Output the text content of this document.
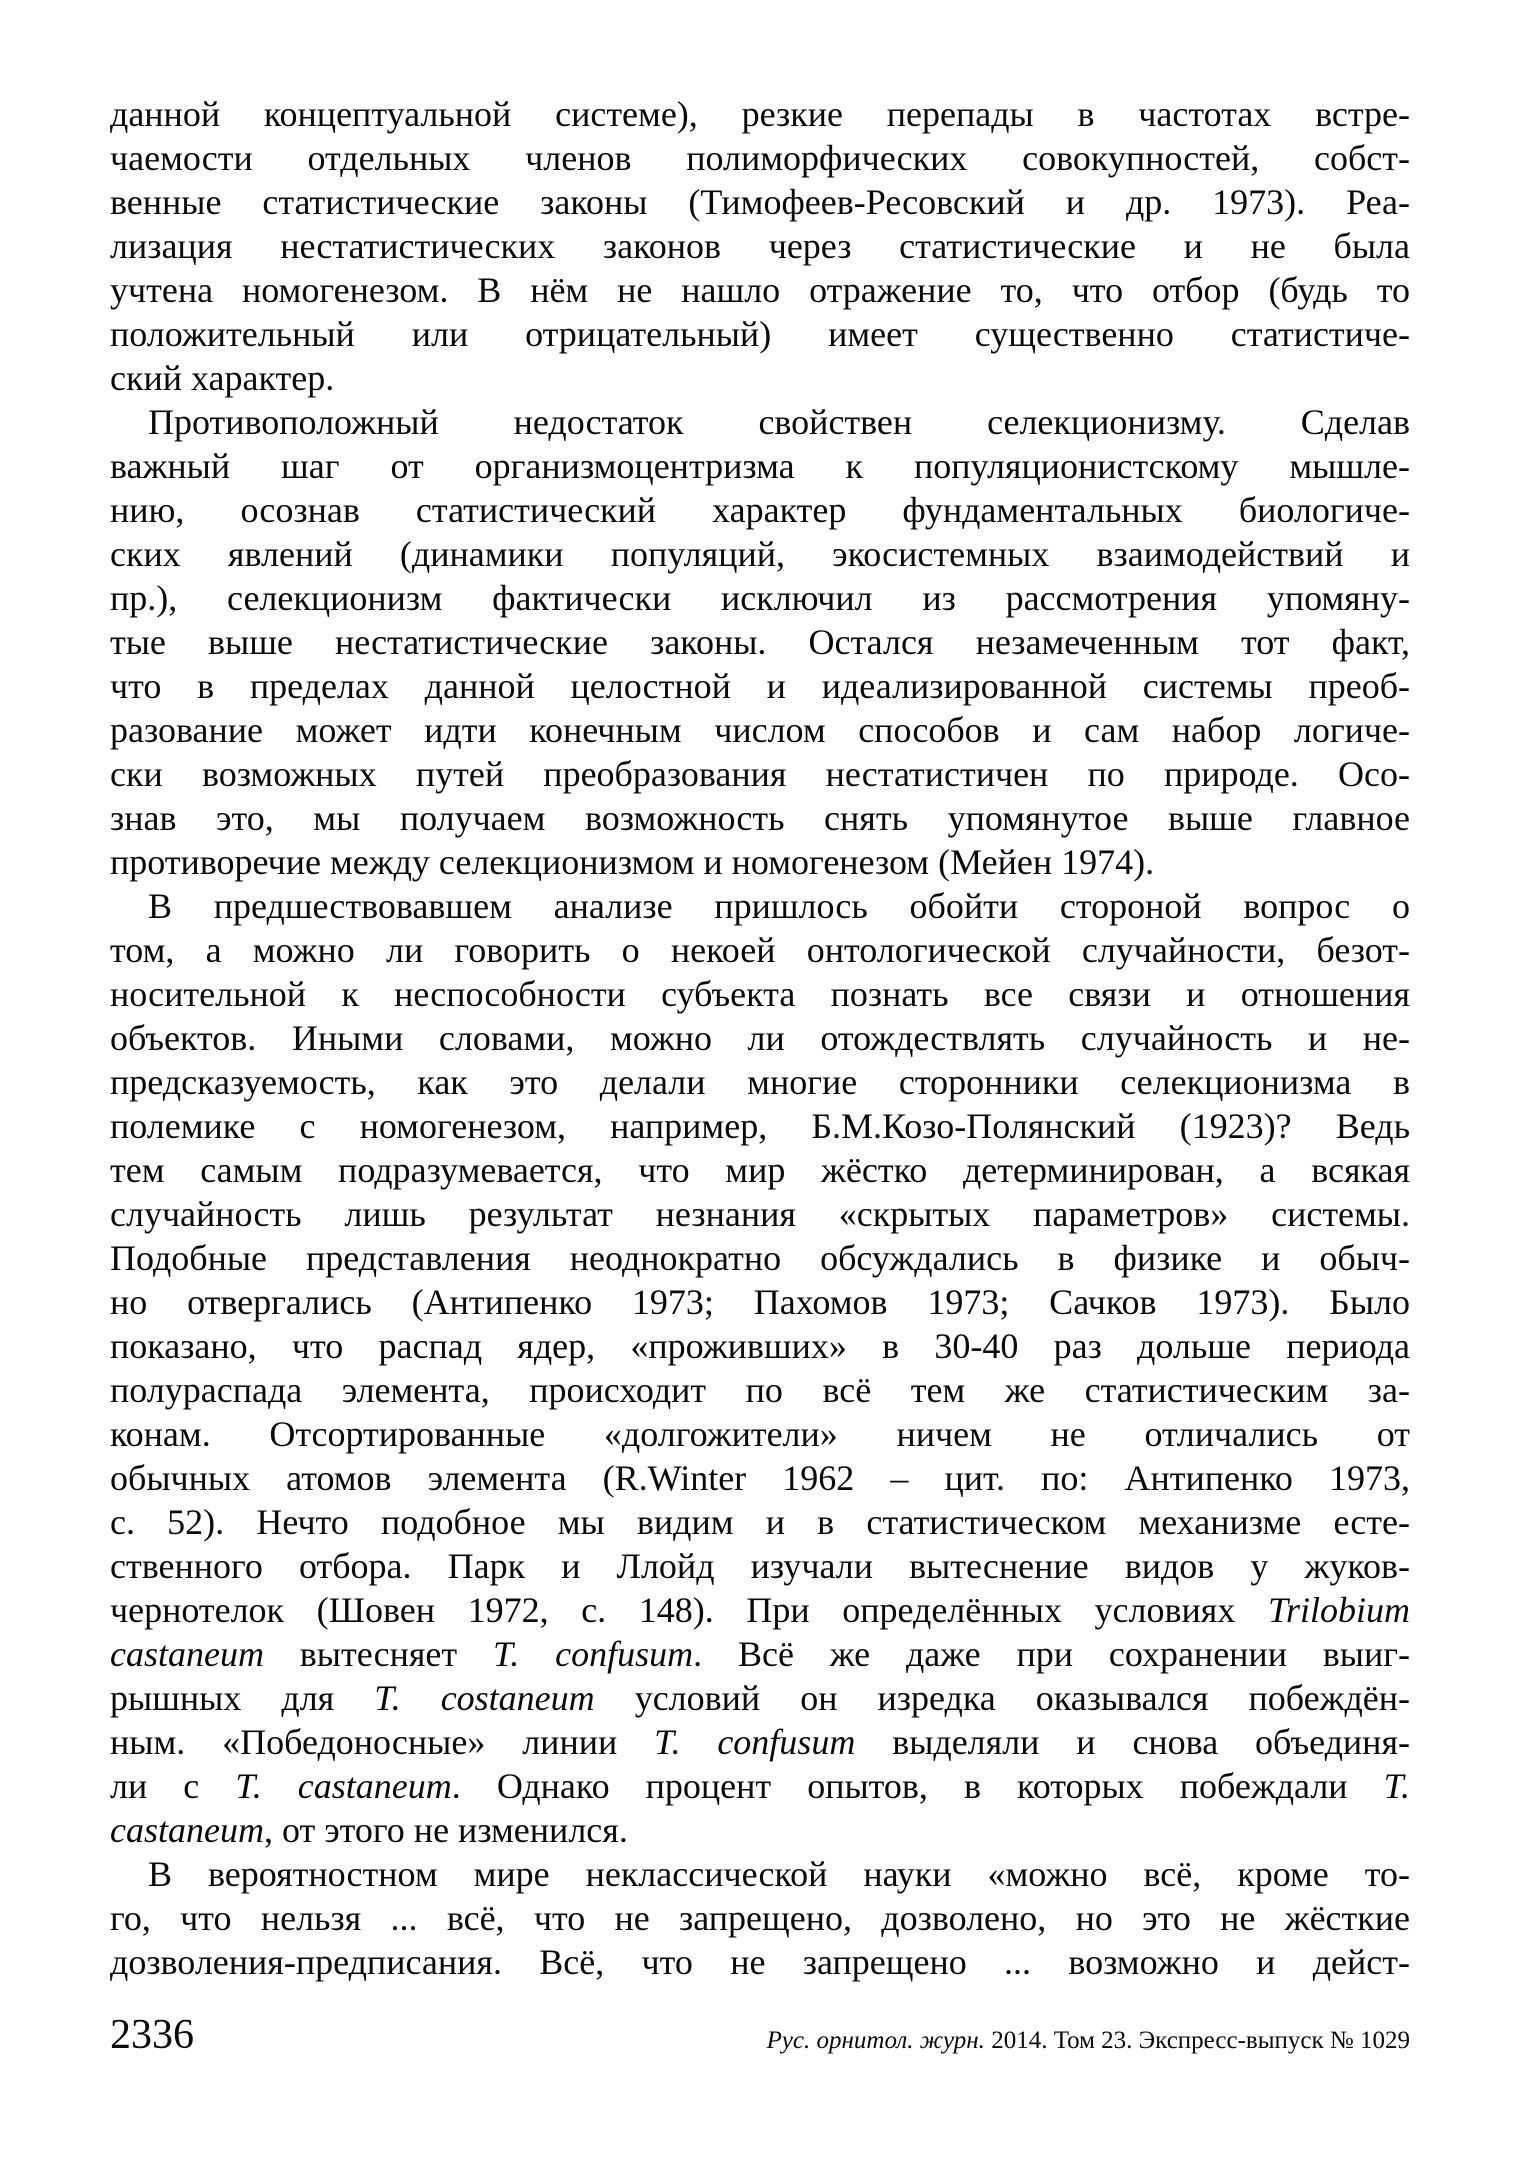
данной концептуальной системе), резкие перепады в частотах встре-
чаемости отдельных членов полиморфических совокупностей, собст-
венные статистические законы (Тимофеев-Ресовский и др. 1973). Реа-
лизация нестатистических законов через статистические и не была
учтена номогенезом. В нём не нашло отражение то, что отбор (будь то
положительный или отрицательный) имеет существенно статистиче-
ский характер.
Противоположный недостаток свойствен селекционизму. Сделав
важный шаг от организмоцентризма к популяционистскому мышле-
нию, осознав статистический характер фундаментальных биологиче-
ских явлений (динамики популяций, экосистемных взаимодействий и
пр.), селекционизм фактически исключил из рассмотрения упомяну-
тые выше нестатистические законы. Остался незамеченным тот факт,
что в пределах данной целостной и идеализированной системы преоб-
разование может идти конечным числом способов и сам набор логиче-
ски возможных путей преобразования нестатистичен по природе. Осо-
знав это, мы получаем возможность снять упомянутое выше главное
противоречие между селекционизмом и номогенезом (Мейен 1974).
В предшествовавшем анализе пришлось обойти стороной вопрос о
том, а можно ли говорить о некоей онтологической случайности, безот-
носительной к неспособности субъекта познать все связи и отношения
объектов. Иными словами, можно ли отождествлять случайность и не-
предсказуемость, как это делали многие сторонники селекционизма в
полемике с номогенезом, например, Б.М.Козо-Полянский (1923)? Ведь
тем самым подразумевается, что мир жёстко детерминирован, а всякая
случайность лишь результат незнания «скрытых параметров» системы.
Подобные представления неоднократно обсуждались в физике и обыч-
но отвергались (Антипенко 1973; Пахомов 1973; Сачков 1973). Было
показано, что распад ядер, «проживших» в 30-40 раз дольше периода
полураспада элемента, происходит по всё тем же статистическим за-
конам. Отсортированные «долгожители» ничем не отличались от
обычных атомов элемента (R.Winter 1962 – цит. по: Антипенко 1973,
с. 52). Нечто подобное мы видим и в статистическом механизме есте-
ственного отбора. Парк и Ллойд изучали вытеснение видов у жуков-
чернотелок (Шовен 1972, с. 148). При определённых условиях Trilobium
castaneum вытесняет T. confusum. Всё же даже при сохранении выиг-
рышных для T. costaneum условий он изредка оказывался побеждён-
ным. «Победоносные» линии T. confusum выделяли и снова объединя-
ли с T. castaneum. Однако процент опытов, в которых побеждали T.
castaneum, от этого не изменился.
В вероятностном мире неклассической науки «можно всё, кроме то-
го, что нельзя ... всё, что не запрещено, дозволено, но это не жёсткие
дозволения-предписания. Всё, что не запрещено ... возможно и дейст-
2336	Рус. орнитол. журн. 2014. Том 23. Экспресс-выпуск № 1029
